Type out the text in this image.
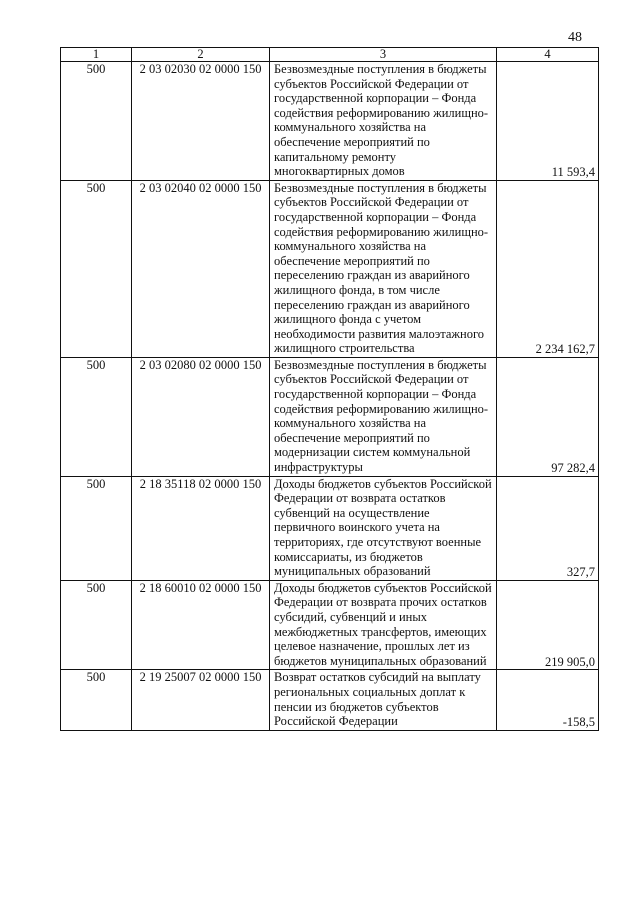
48
1	2	3	4
500	2 03 02030 02 0000 150	Безвозмездные поступления в бюджеты субъектов Российской Федерации от государственной корпорации – Фонда содействия реформированию жилищно-коммунального хозяйства на обеспечение мероприятий по капитальному ремонту многоквартирных домов	11 593,4
500	2 03 02040 02 0000 150	Безвозмездные поступления в бюджеты субъектов Российской Федерации от государственной корпорации – Фонда содействия реформированию жилищно-коммунального хозяйства на обеспечение мероприятий по переселению граждан из аварийного жилищного фонда, в том числе переселению граждан из аварийного жилищного фонда с учетом необходимости развития малоэтажного жилищного строительства	2 234 162,7
500	2 03 02080 02 0000 150	Безвозмездные поступления в бюджеты субъектов Российской Федерации от государственной корпорации – Фонда содействия реформированию жилищно-коммунального хозяйства на обеспечение мероприятий по модернизации систем коммунальной инфраструктуры	97 282,4
500	2 18 35118 02 0000 150	Доходы бюджетов субъектов Российской Федерации от возврата остатков субвенций на осуществление первичного воинского учета на территориях, где отсутствуют военные комиссариаты, из бюджетов муниципальных образований	327,7
500	2 18 60010 02 0000 150	Доходы бюджетов субъектов Российской Федерации от возврата прочих остатков субсидий, субвенций и иных межбюджетных трансфертов, имеющих целевое назначение, прошлых лет из бюджетов муниципальных образований	219 905,0
500	2 19 25007 02 0000 150	Возврат остатков субсидий на выплату региональных социальных доплат к пенсии из бюджетов субъектов Российской Федерации	-158,5
